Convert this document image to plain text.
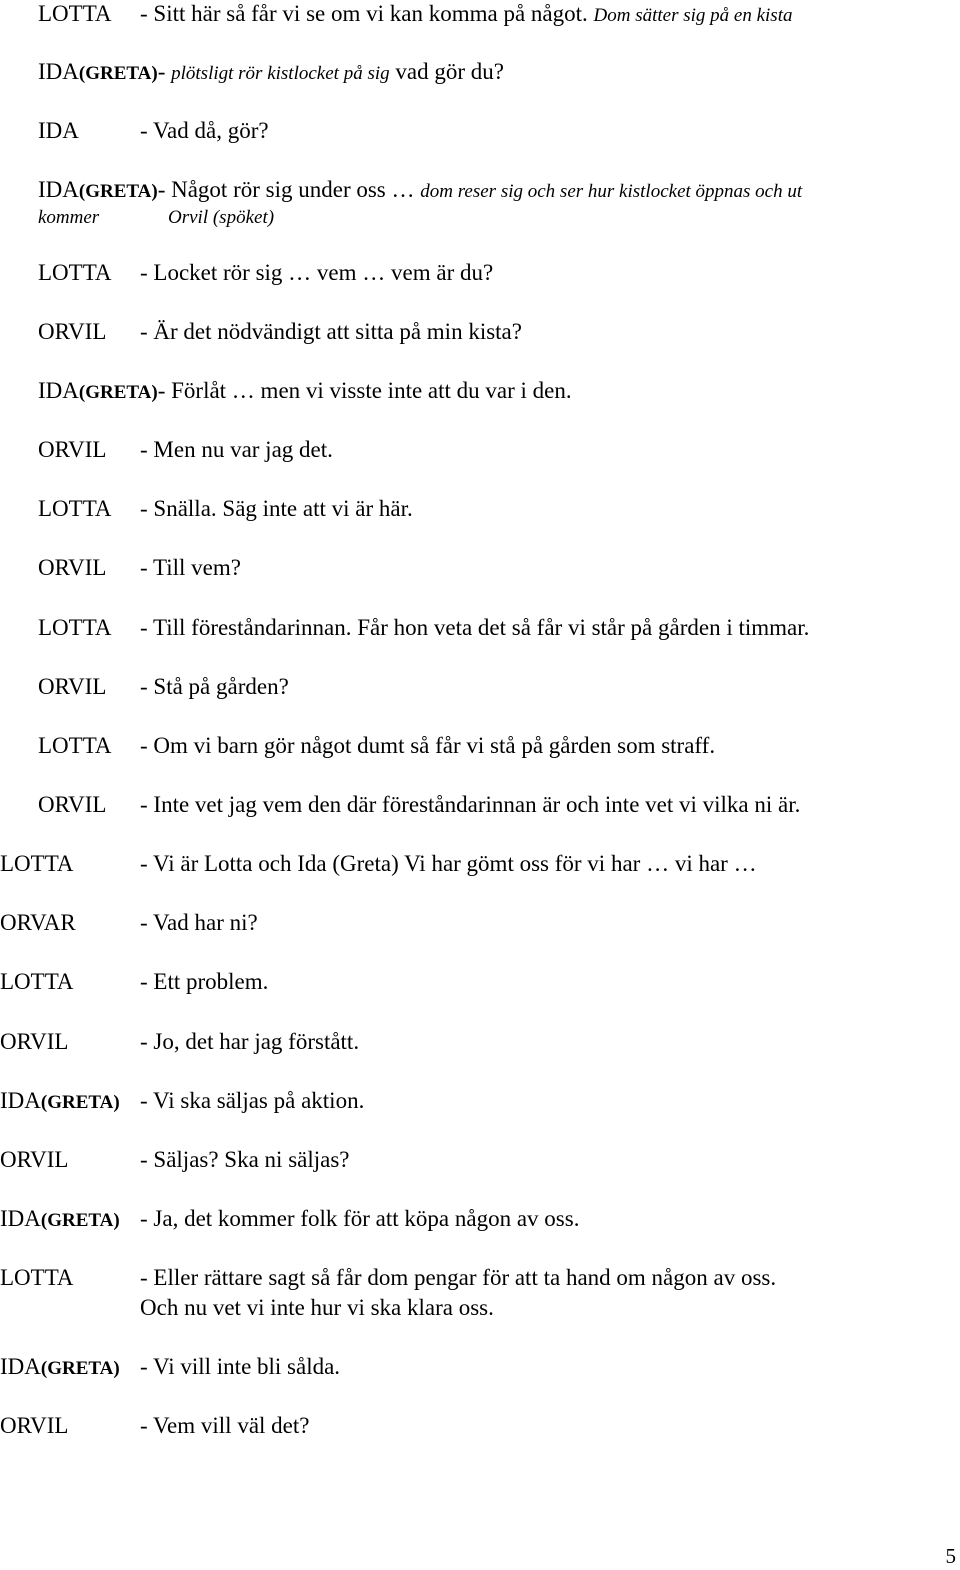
LOTTA - Sitt här så får vi se om vi kan komma på något. Dom sätter sig på en kista
IDA(GRETA)- plötsligt rör kistlocket på sig vad gör du?
IDA	- Vad då, gör?
IDA(GRETA)- Något rör sig under oss … dom reser sig och ser hur kistlocket öppnas och ut
kommer	Orvil (spöket)
LOTTA - Locket rör sig … vem … vem är du?
ORVIL - Är det nödvändigt att sitta på min kista?
IDA(GRETA)- Förlåt … men vi visste inte att du var i den.
ORVIL - Men nu var jag det.
LOTTA - Snälla. Säg inte att vi är här.
ORVIL - Till vem?
LOTTA - Till föreståndarinnan. Får hon veta det så får vi står på gården i timmar.
ORVIL - Stå på gården?
LOTTA - Om vi barn gör något dumt så får vi stå på gården som straff.
ORVIL - Inte vet jag vem den där föreståndarinnan är och inte vet vi vilka ni är.
LOTTA	- Vi är Lotta och Ida (Greta) Vi har gömt oss för vi har … vi har …
ORVAR	- Vad har ni?
LOTTA	- Ett problem.
ORVIL	- Jo, det har jag förstått.
IDA(GRETA) - Vi ska säljas på aktion.
ORVIL	- Säljas? Ska ni säljas?
IDA(GRETA) - Ja, det kommer folk för att köpa någon av oss.
LOTTA	- Eller rättare sagt så får dom pengar för att ta hand om någon av oss.
Och nu vet vi inte hur vi ska klara oss.
IDA(GRETA) - Vi vill inte bli sålda.
ORVIL	- Vem vill väl det?
5
